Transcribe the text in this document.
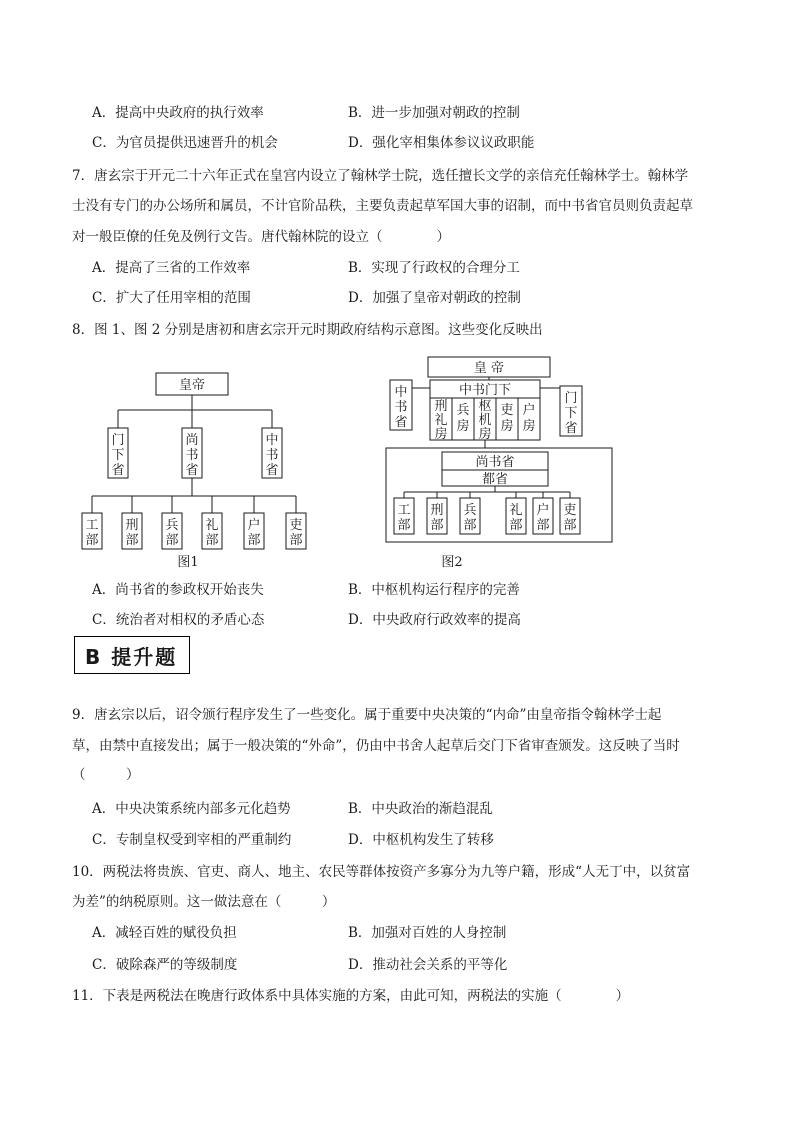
A．提高中央政府的执行效率	B．进一步加强对朝政的控制
C．为官员提供迅速晋升的机会	D．强化宰相集体参议议政职能
7．唐玄宗于开元二十六年正式在皇宫内设立了翰林学士院，选任擅长文学的亲信充任翰林学士。翰林学
士没有专门的办公场所和属员，不计官阶品秩，主要负责起草军国大事的诏制，而中书省官员则负责起草
对一般臣僚的任免及例行文告。唐代翰林院的设立（　　　　）
A．提高了三省的工作效率	B．实现了行政权的合理分工
C．扩大了任用宰相的范围	D．加强了皇帝对朝政的控制
8．图 1、图 2 分别是唐初和唐玄宗开元时期政府结构示意图。这些变化反映出
皇帝
门
下
省
尚
书
省
中
书
省
工
部
刑
部
兵
部
礼
部
户
部
吏
部
图1
皇 帝
中书门下
中
书
省
门
下
省
刑
礼
房
兵
房
枢
机
房
吏
房
户
房
尚书省
都省
工
部
刑
部
兵
部
礼
部
户
部
吏
部
图2
A．尚书省的参政权开始丧失	B．中枢机构运行程序的完善
C．统治者对相权的矛盾心态	D．中央政府行政效率的提高
B 提升题
9．唐玄宗以后，诏令颁行程序发生了一些变化。属于重要中央决策的“内命”由皇帝指令翰林学士起
草，由禁中直接发出；属于一般决策的“外命”，仍由中书舍人起草后交门下省审查颁发。这反映了当时
（　　　）
A．中央决策系统内部多元化趋势	B．中央政治的渐趋混乱
C．专制皇权受到宰相的严重制约	D．中枢机构发生了转移
10．两税法将贵族、官吏、商人、地主、农民等群体按资产多寡分为九等户籍，形成“人无丁中，以贫富
为差”的纳税原则。这一做法意在（　　　）
A．减轻百姓的赋役负担	B．加强对百姓的人身控制
C．破除森严的等级制度	D．推动社会关系的平等化
11．下表是两税法在晚唐行政体系中具体实施的方案，由此可知，两税法的实施（　　　　）
